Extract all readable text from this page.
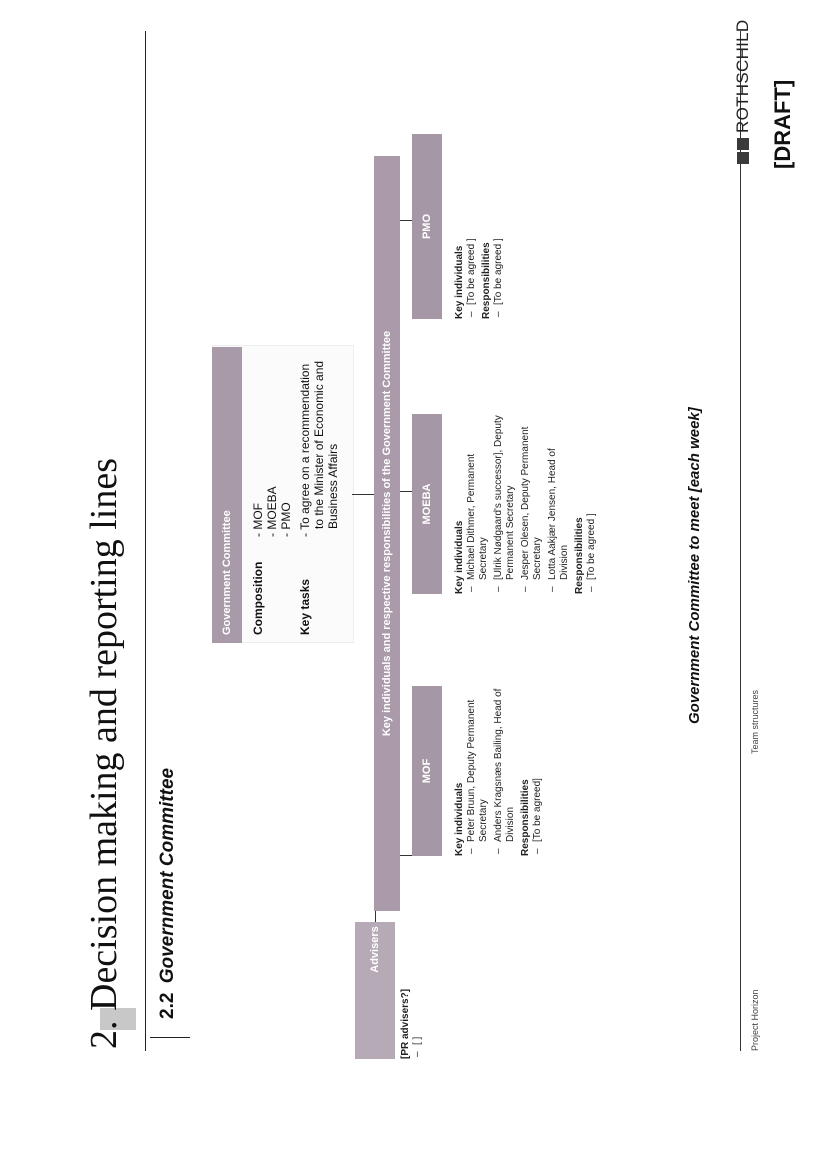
2. Decision making and reporting lines
[DRAFT]
2.2 Government Committee
Government Committee	Composition
- MOF - MOEBA - PMO
Key tasks
- To agree on a recommendation to the Minister of Economic and Business Affairs	Key individuals and respective responsibilities of the Government Committee
Advisers
[PR advisers?] –
[ ]
MOF
Key individuals –
Peter Bruun, Deputy Permanent Secretary
–
Anders Kragsnæs Bailing, Head of Division Responsibilities –
[To be agreed]
MOEBA
Key individuals –
Michael Dithmer, Permanent Secretary
–
[Ulrik Nødgaard's successor], Deputy Permanent Secretary
–
Jesper Olesen, Deputy Permanent Secretary
–
Lotta Aakjær Jensen, Head of Division Responsibilities –
[To be agreed ]
PMO
Key individuals –
[To be agreed ] Responsibilities –
[To be agreed ]
Government Committee to meet [each week]
Project Horizon
Team structures
ROTHSCHILD
